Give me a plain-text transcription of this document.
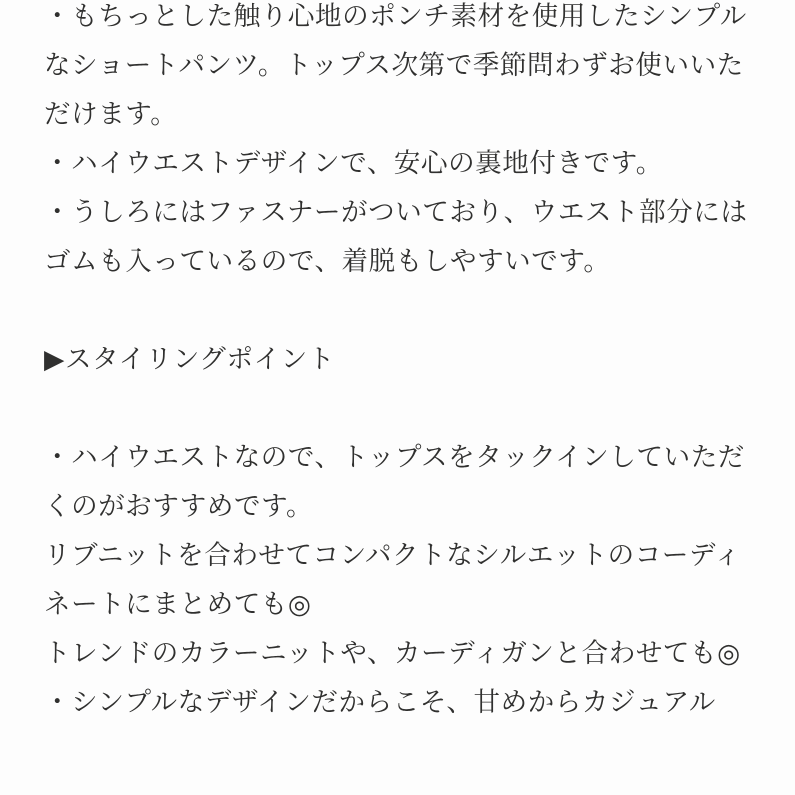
・もちっとした触り心地のポンチ素材を使用したシンプルなショートパンツ。トップス次第で季節問わずお使いいただけます。

・ハイウエストデザインで、安心の裏地付きです。

・うしろにはファスナーがついており、ウエスト部分にはゴムも入っているので、着脱もしやすいです。

▶スタイリングポイント

・ハイウエストなので、トップスをタックインしていただくのがおすすめです。

リブニットを合わせてコンパクトなシルエットのコーディネートにまとめても◎

トレンドのカラーニットや、カーディガンと合わせても◎

・シンプルなデザインだからこそ、甘めからカジュアル
